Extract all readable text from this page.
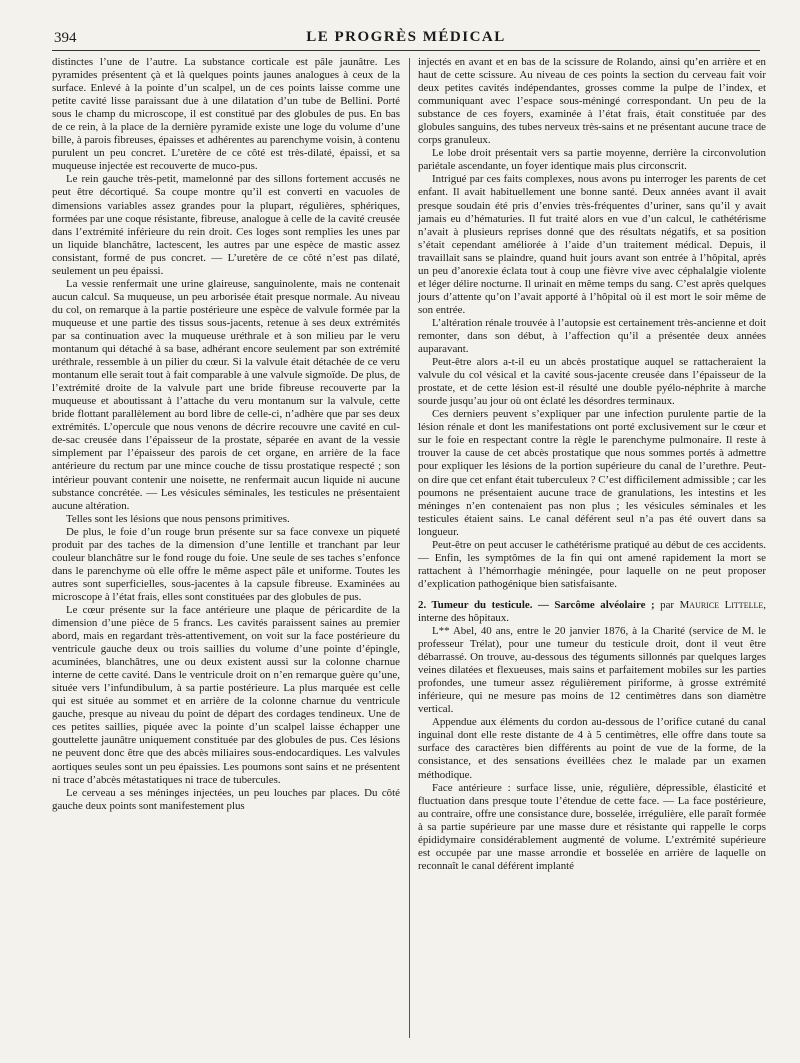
394	LE PROGRÈS MÉDICAL

distinctes l’une de l’autre. La substance corticale est pâle jaunâtre. Les pyramides présentent çà et là quelques points jaunes analogues à ceux de la surface. Enlevé à la pointe d’un scalpel, un de ces points laisse comme une petite cavité lisse paraissant due à une dilatation d’un tube de Bellini. Porté sous le champ du microscope, il est constitué par des globules de pus. En bas de ce rein, à la place de la dernière pyramide existe une loge du volume d’une bille, à parois fibreuses, épaisses et adhérentes au parenchyme voisin, à contenu purulent un peu concret. L’uretère de ce côté est très-dilaté, épaissi, et sa muqueuse injectée est recouverte de muco-pus.

Le rein gauche très-petit, mamelonné par des sillons fortement accusés ne peut être décortiqué. Sa coupe montre qu’il est converti en vacuoles de dimensions variables assez grandes pour la plupart, régulières, sphériques, formées par une coque résistante, fibreuse, analogue à celle de la cavité creusée dans l’extrémité inférieure du rein droit. Ces loges sont remplies les unes par un liquide blanchâtre, lactescent, les autres par une espèce de mastic assez consistant, formé de pus concret. — L’uretère de ce côté n’est pas dilaté, seulement un peu épaissi.

La vessie renfermait une urine glaireuse, sanguinolente, mais ne contenait aucun calcul. Sa muqueuse, un peu arborisée était presque normale. Au niveau du col, on remarque à la partie postérieure une espèce de valvule formée par la muqueuse et une partie des tissus sous-jacents, retenue à ses deux extrémités par sa continuation avec la muqueuse uréthrale et à son milieu par le veru montanum qui détaché à sa base, adhérant encore seulement par son extrémité uréthrale, ressemble à un pilier du cœur. Si la valvule était détachée de ce veru montanum elle serait tout à fait comparable à une valvule sigmoïde. De plus, de l’extrémité droite de la valvule part une bride fibreuse recouverte par la muqueuse et aboutissant à l’attache du veru montanum sur la valvule, cette bride flottant parallèlement au bord libre de celle-ci, n’adhère que par ses deux extrémités. L’opercule que nous venons de décrire recouvre une cavité en cul-de-sac creusée dans l’épaisseur de la prostate, séparée en avant de la vessie simplement par l’épaisseur des parois de cet organe, en arrière de la face antérieure du rectum par une mince couche de tissu prostatique respecté ; son intérieur pouvant contenir une noisette, ne renfermait aucun liquide ni aucune substance concrétée. — Les vésicules séminales, les testicules ne présentaient aucune altération.

Telles sont les lésions que nous pensons primitives.

De plus, le foie d’un rouge brun présente sur sa face convexe un piqueté produit par des taches de la dimension d’une lentille et tranchant par leur couleur blanchâtre sur le fond rouge du foie. Une seule de ses taches s’enfonce dans le parenchyme où elle offre le même aspect pâle et uniforme. Toutes les autres sont superficielles, sous-jacentes à la capsule fibreuse. Examinées au microscope à l’état frais, elles sont constituées par des globules de pus.

Le cœur présente sur la face antérieure une plaque de péricardite de la dimension d’une pièce de 5 francs. Les cavités paraissent saines au premier abord, mais en regardant très-attentivement, on voit sur la face postérieure du ventricule gauche deux ou trois saillies du volume d’une pointe d’épingle, acuminées, blanchâtres, une ou deux existent aussi sur la colonne charnue interne de cette cavité. Dans le ventricule droit on n’en remarque guère qu’une, située vers l’infundibulum, à sa partie postérieure. La plus marquée est celle qui est située au sommet et en arrière de la colonne charnue du ventricule gauche, presque au niveau du point de départ des cordages tendineux. Une de ces petites saillies, piquée avec la pointe d’un scalpel laisse échapper une gouttelette jaunâtre uniquement constituée par des globules de pus. Ces lésions ne peuvent donc être que des abcès miliaires sous-endocardiques. Les valvules aortiques seules sont un peu épaissies. Les poumons sont sains et ne présentent ni trace d’abcès métastatiques ni trace de tubercules.

Le cerveau a ses méninges injectées, un peu louches par places. Du côté gauche deux points sont manifestement plus

injectés en avant et en bas de la scissure de Rolando, ainsi qu’en arrière et en haut de cette scissure. Au niveau de ces points la section du cerveau fait voir deux petites cavités indépendantes, grosses comme la pulpe de l’index, et communiquant avec l’espace sous-méningé correspondant. Un peu de la substance de ces foyers, examinée à l’état frais, était constituée par des globules sanguins, des tubes nerveux très-sains et ne présentant aucune trace de corps granuleux.

Le lobe droit présentait vers sa partie moyenne, derrière la circonvolution pariétale ascendante, un foyer identique mais plus circonscrit.

Intrigué par ces faits complexes, nous avons pu interroger les parents de cet enfant. Il avait habituellement une bonne santé. Deux années avant il avait presque soudain été pris d’envies très-fréquentes d’uriner, sans qu’il y avait jamais eu d’hématuries. Il fut traité alors en vue d’un calcul, le cathétérisme n’avait à plusieurs reprises donné que des résultats négatifs, et sa position s’était cependant améliorée à l’aide d’un traitement médical. Depuis, il travaillait sans se plaindre, quand huit jours avant son entrée à l’hôpital, après un peu d’anorexie éclata tout à coup une fièvre vive avec céphalalgie violente et léger délire nocturne. Il urinait en même temps du sang. C’est après quelques jours d’attente qu’on l’avait apporté à l’hôpital où il est mort le soir même de son entrée.

L’altération rénale trouvée à l’autopsie est certainement très-ancienne et doit remonter, dans son début, à l’affection qu’il a présentée deux années auparavant.

Peut-être alors a-t-il eu un abcès prostatique auquel se rattacheraient la valvule du col vésical et la cavité sous-jacente creusée dans l’épaisseur de la prostate, et de cette lésion est-il résulté une double pyélo-néphrite à marche sourde jusqu’au jour où ont éclaté les désordres terminaux.

Ces derniers peuvent s’expliquer par une infection purulente partie de la lésion rénale et dont les manifestations ont porté exclusivement sur le cœur et sur le foie en respectant contre la règle le parenchyme pulmonaire. Il reste à trouver la cause de cet abcès prostatique que nous sommes portés à admettre pour expliquer les lésions de la portion supérieure du canal de l’urethre. Peut-on dire que cet enfant était tuberculeux ? C’est difficilement admissible ; car les poumons ne présentaient aucune trace de granulations, les intestins et les méninges n’en contenaient pas non plus ; les vésicules séminales et les testicules étaient sains. Le canal déférent seul n’a pas été ouvert dans sa longueur.

Peut-être on peut accuser le cathétérisme pratiqué au début de ces accidents. — Enfin, les symptômes de la fin qui ont amené rapidement la mort se rattachent à l’hémorrhagie méningée, pour laquelle on ne peut proposer d’explication pathogénique bien satisfaisante.

2. Tumeur du testicule. — Sarcôme alvéolaire ; par Maurice Littelle, interne des hôpitaux.

L** Abel, 40 ans, entre le 20 janvier 1876, à la Charité (service de M. le professeur Trélat), pour une tumeur du testicule droit, dont il veut être débarrassé. On trouve, au-dessous des téguments sillonnés par quelques larges veines dilatées et flexueuses, mais sains et parfaitement mobiles sur les parties profondes, une tumeur assez régulièrement piriforme, à grosse extrémité inférieure, qui ne mesure pas moins de 12 centimètres dans son diamètre vertical.

Appendue aux éléments du cordon au-dessous de l’orifice cutané du canal inguinal dont elle reste distante de 4 à 5 centimètres, elle offre dans toute sa surface des caractères bien différents au point de vue de la forme, de la consistance, et des sensations éveillées chez le malade par un examen méthodique.

Face antérieure : surface lisse, unie, régulière, dépressible, élasticité et fluctuation dans presque toute l’étendue de cette face. — La face postérieure, au contraire, offre une consistance dure, bosselée, irrégulière, elle paraît formée à sa partie supérieure par une masse dure et résistante qui rappelle le corps épididymaire considérablement augmenté de volume. L’extrémité supérieure est occupée par une masse arrondie et bosselée en arrière de laquelle on reconnaît le canal déférent implanté
